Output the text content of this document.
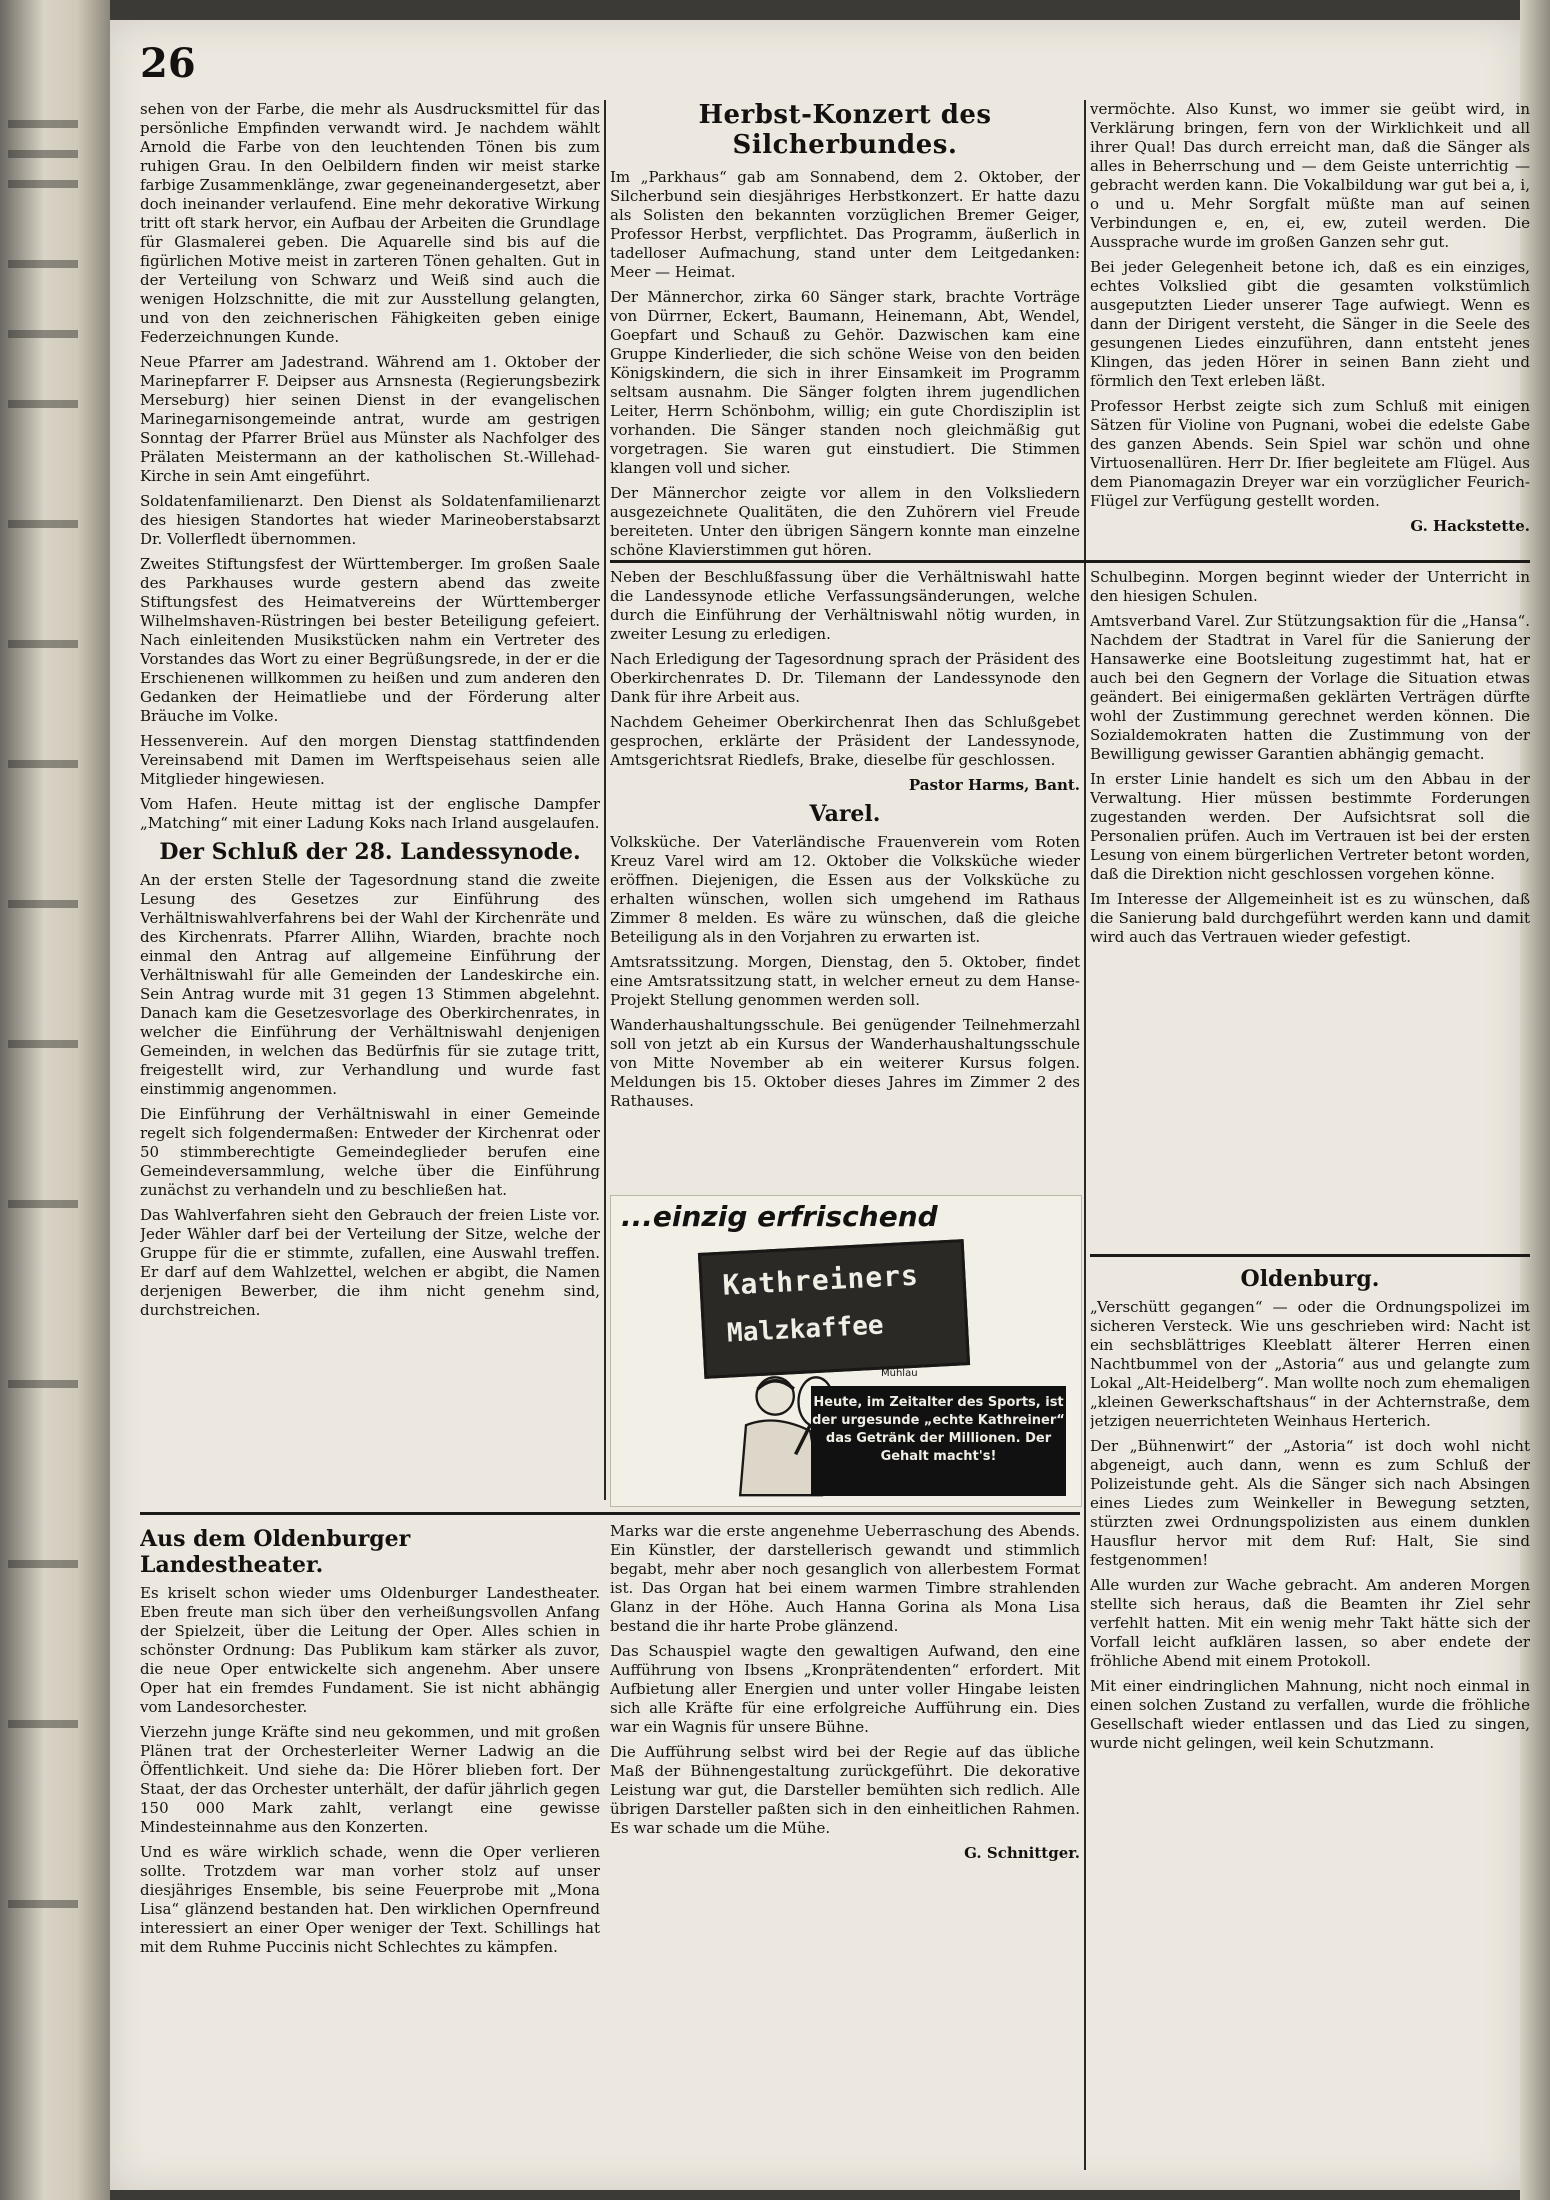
26

sehen von der Farbe, die mehr als Ausdrucksmittel für das persönliche Empfinden verwandt wird. Je nachdem wählt Arnold die Farbe von den leuchtenden Tönen bis zum ruhigen Grau. In den Oelbildern finden wir meist starke farbige Zusammenklänge, zwar gegeneinandergesetzt, aber doch ineinander verlaufend. Eine mehr dekorative Wirkung tritt oft stark hervor, ein Aufbau der Arbeiten die Grundlage für Glasmalerei geben. Die Aquarelle sind bis auf die figürlichen Motive meist in zarteren Tönen gehalten. Gut in der Verteilung von Schwarz und Weiß sind auch die wenigen Holzschnitte, die mit zur Ausstellung gelangten, und von den zeichnerischen Fähigkeiten geben einige Federzeichnungen Kunde.

Neue Pfarrer am Jadestrand. Während am 1. Oktober der Marinepfarrer F. Deipser aus Arnsnesta (Regierungsbezirk Merseburg) hier seinen Dienst in der evangelischen Marinegarnisongemeinde antrat, wurde am gestrigen Sonntag der Pfarrer Brüel aus Münster als Nachfolger des Prälaten Meistermann an der katholischen St.-Willehad-Kirche in sein Amt eingeführt.

Soldatenfamilienarzt. Den Dienst als Soldatenfamilienarzt des hiesigen Standortes hat wieder Marineoberstabsarzt Dr. Vollerfledt übernommen.

Zweites Stiftungsfest der Württemberger. Im großen Saale des Parkhauses wurde gestern abend das zweite Stiftungsfest des Heimatvereins der Württemberger Wilhelmshaven-Rüstringen bei bester Beteiligung gefeiert. Nach einleitenden Musikstücken nahm ein Vertreter des Vorstandes das Wort zu einer Begrüßungsrede, in der er die Erschienenen willkommen zu heißen und zum anderen den Gedanken der Heimatliebe und der Förderung alter Bräuche im Volke.

Hessenverein. Auf den morgen Dienstag stattfindenden Vereinsabend mit Damen im Werftspeisehaus seien alle Mitglieder hingewiesen.

Vom Hafen. Heute mittag ist der englische Dampfer „Matching“ mit einer Ladung Koks nach Irland ausgelaufen.

Der Schluß der 28. Landessynode.

An der ersten Stelle der Tagesordnung stand die zweite Lesung des Gesetzes zur Einführung des Verhältniswahlverfahrens bei der Wahl der Kirchenräte und des Kirchenrats. Pfarrer Allihn, Wiarden, brachte noch einmal den Antrag auf allgemeine Einführung der Verhältniswahl für alle Gemeinden der Landeskirche ein. Sein Antrag wurde mit 31 gegen 13 Stimmen abgelehnt. Danach kam die Gesetzesvorlage des Oberkirchenrates, in welcher die Einführung der Verhältniswahl denjenigen Gemeinden, in welchen das Bedürfnis für sie zutage tritt, freigestellt wird, zur Verhandlung und wurde fast einstimmig angenommen.

Die Einführung der Verhältniswahl in einer Gemeinde regelt sich folgendermaßen: Entweder der Kirchenrat oder 50 stimmberechtigte Gemeindeglieder berufen eine Gemeindeversammlung, welche über die Einführung zunächst zu verhandeln und zu beschließen hat.

Das Wahlverfahren sieht den Gebrauch der freien Liste vor. Jeder Wähler darf bei der Verteilung der Sitze, welche der Gruppe für die er stimmte, zufallen, eine Auswahl treffen. Er darf auf dem Wahlzettel, welchen er abgibt, die Namen derjenigen Bewerber, die ihm nicht genehm sind, durchstreichen.

Herbst-Konzert des Silcherbundes.

Im „Parkhaus“ gab am Sonnabend, dem 2. Oktober, der Silcherbund sein diesjähriges Herbstkonzert. Er hatte dazu als Solisten den bekannten vorzüglichen Bremer Geiger, Professor Herbst, verpflichtet. Das Programm, äußerlich in tadelloser Aufmachung, stand unter dem Leitgedanken: Meer — Heimat.

Der Männerchor, zirka 60 Sänger stark, brachte Vorträge von Dürrner, Eckert, Baumann, Heinemann, Abt, Wendel, Goepfart und Schauß zu Gehör. Dazwischen kam eine Gruppe Kinderlieder, die sich schöne Weise von den beiden Königskindern, die sich in ihrer Einsamkeit im Programm seltsam ausnahm. Die Sänger folgten ihrem jugendlichen Leiter, Herrn Schönbohm, willig; ein gute Chordisziplin ist vorhanden. Die Sänger standen noch gleichmäßig gut vorgetragen. Sie waren gut einstudiert. Die Stimmen klangen voll und sicher.

Der Männerchor zeigte vor allem in den Volksliedern ausgezeichnete Qualitäten, die den Zuhörern viel Freude bereiteten. Unter den übrigen Sängern konnte man einzelne schöne Klavierstimmen gut hören.

vermöchte. Also Kunst, wo immer sie geübt wird, in Verklärung bringen, fern von der Wirklichkeit und all ihrer Qual! Das durch erreicht man, daß die Sänger als alles in Beherrschung und — dem Geiste unterrichtig — gebracht werden kann. Die Vokalbildung war gut bei a, i, o und u. Mehr Sorgfalt müßte man auf seinen Verbindungen e, en, ei, ew, zuteil werden. Die Aussprache wurde im großen Ganzen sehr gut.

Bei jeder Gelegenheit betone ich, daß es ein einziges, echtes Volkslied gibt die gesamten volkstümlich ausgeputzten Lieder unserer Tage aufwiegt. Wenn es dann der Dirigent versteht, die Sänger in die Seele des gesungenen Liedes einzuführen, dann entsteht jenes Klingen, das jeden Hörer in seinen Bann zieht und förmlich den Text erleben läßt.

Professor Herbst zeigte sich zum Schluß mit einigen Sätzen für Violine von Pugnani, wobei die edelste Gabe des ganzen Abends. Sein Spiel war schön und ohne Virtuosenallüren. Herr Dr. Ifier begleitete am Flügel. Aus dem Pianomagazin Dreyer war ein vorzüglicher Feurich-Flügel zur Verfügung gestellt worden.

G. Hackstette.

Neben der Beschlußfassung über die Verhältniswahl hatte die Landessynode etliche Verfassungsänderungen, welche durch die Einführung der Verhältniswahl nötig wurden, in zweiter Lesung zu erledigen.

Nach Erledigung der Tagesordnung sprach der Präsident des Oberkirchenrates D. Dr. Tilemann der Landessynode den Dank für ihre Arbeit aus.

Nachdem Geheimer Oberkirchenrat Ihen das Schlußgebet gesprochen, erklärte der Präsident der Landessynode, Amtsgerichtsrat Riedlefs, Brake, dieselbe für geschlossen.

Pastor Harms, Bant.

Varel.

Volksküche. Der Vaterländische Frauenverein vom Roten Kreuz Varel wird am 12. Oktober die Volksküche wieder eröffnen. Diejenigen, die Essen aus der Volksküche zu erhalten wünschen, wollen sich umgehend im Rathaus Zimmer 8 melden. Es wäre zu wünschen, daß die gleiche Beteiligung als in den Vorjahren zu erwarten ist.

Amtsratssitzung. Morgen, Dienstag, den 5. Oktober, findet eine Amtsratssitzung statt, in welcher erneut zu dem Hanse-Projekt Stellung genommen werden soll.

Wanderhaushaltungsschule. Bei genügender Teilnehmerzahl soll von jetzt ab ein Kursus der Wanderhaushaltungsschule von Mitte November ab ein weiterer Kursus folgen. Meldungen bis 15. Oktober dieses Jahres im Zimmer 2 des Rathauses.

Schulbeginn. Morgen beginnt wieder der Unterricht in den hiesigen Schulen.

Amtsverband Varel. Zur Stützungsaktion für die „Hansa“. Nachdem der Stadtrat in Varel für die Sanierung der Hansawerke eine Bootsleitung zugestimmt hat, hat er auch bei den Gegnern der Vorlage die Situation etwas geändert. Bei einigermaßen geklärten Verträgen dürfte wohl der Zustimmung gerechnet werden können. Die Sozialdemokraten hatten die Zustimmung von der Bewilligung gewisser Garantien abhängig gemacht.

In erster Linie handelt es sich um den Abbau in der Verwaltung. Hier müssen bestimmte Forderungen zugestanden werden. Der Aufsichtsrat soll die Personalien prüfen. Auch im Vertrauen ist bei der ersten Lesung von einem bürgerlichen Vertreter betont worden, daß die Direktion nicht geschlossen vorgehen könne.

Im Interesse der Allgemeinheit ist es zu wünschen, daß die Sanierung bald durchgeführt werden kann und damit wird auch das Vertrauen wieder gefestigt.

...einzig erfrischend
Kathreiners
Malzkaffee
Heute, im Zeitalter des Sports, ist der urgesunde „echte Kathreiner“ das Getränk der Millionen. Der Gehalt macht's!
Mühlau
Oldenburg.

„Verschütt gegangen“ — oder die Ordnungspolizei im sicheren Versteck. Wie uns geschrieben wird: Nacht ist ein sechsblättriges Kleeblatt älterer Herren einen Nachtbummel von der „Astoria“ aus und gelangte zum Lokal „Alt-Heidelberg“. Man wollte noch zum ehemaligen „kleinen Gewerkschaftshaus“ in der Achternstraße, dem jetzigen neuerrichteten Weinhaus Herterich.

Der „Bühnenwirt“ der „Astoria“ ist doch wohl nicht abgeneigt, auch dann, wenn es zum Schluß der Polizeistunde geht. Als die Sänger sich nach Absingen eines Liedes zum Weinkeller in Bewegung setzten, stürzten zwei Ordnungspolizisten aus einem dunklen Hausflur hervor mit dem Ruf: Halt, Sie sind festgenommen!

Alle wurden zur Wache gebracht. Am anderen Morgen stellte sich heraus, daß die Beamten ihr Ziel sehr verfehlt hatten. Mit ein wenig mehr Takt hätte sich der Vorfall leicht aufklären lassen, so aber endete der fröhliche Abend mit einem Protokoll.

Mit einer eindringlichen Mahnung, nicht noch einmal in einen solchen Zustand zu verfallen, wurde die fröhliche Gesellschaft wieder entlassen und das Lied zu singen, wurde nicht gelingen, weil kein Schutzmann.

Aus dem Oldenburger Landestheater.

Es kriselt schon wieder ums Oldenburger Landestheater. Eben freute man sich über den verheißungsvollen Anfang der Spielzeit, über die Leitung der Oper. Alles schien in schönster Ordnung: Das Publikum kam stärker als zuvor, die neue Oper entwickelte sich angenehm. Aber unsere Oper hat ein fremdes Fundament. Sie ist nicht abhängig vom Landesorchester.

Vierzehn junge Kräfte sind neu gekommen, und mit großen Plänen trat der Orchesterleiter Werner Ladwig an die Öffentlichkeit. Und siehe da: Die Hörer blieben fort. Der Staat, der das Orchester unterhält, der dafür jährlich gegen 150 000 Mark zahlt, verlangt eine gewisse Mindesteinnahme aus den Konzerten.

Und es wäre wirklich schade, wenn die Oper verlieren sollte. Trotzdem war man vorher stolz auf unser diesjähriges Ensemble, bis seine Feuerprobe mit „Mona Lisa“ glänzend bestanden hat. Den wirklichen Opernfreund interessiert an einer Oper weniger der Text. Schillings hat mit dem Ruhme Puccinis nicht Schlechtes zu kämpfen.

Marks war die erste angenehme Ueberraschung des Abends. Ein Künstler, der darstellerisch gewandt und stimmlich begabt, mehr aber noch gesanglich von allerbestem Format ist. Das Organ hat bei einem warmen Timbre strahlenden Glanz in der Höhe. Auch Hanna Gorina als Mona Lisa bestand die ihr harte Probe glänzend.

Das Schauspiel wagte den gewaltigen Aufwand, den eine Aufführung von Ibsens „Kronprätendenten“ erfordert. Mit Aufbietung aller Energien und unter voller Hingabe leisten sich alle Kräfte für eine erfolgreiche Aufführung ein. Dies war ein Wagnis für unsere Bühne.

Die Aufführung selbst wird bei der Regie auf das übliche Maß der Bühnengestaltung zurückgeführt. Die dekorative Leistung war gut, die Darsteller bemühten sich redlich. Alle übrigen Darsteller paßten sich in den einheitlichen Rahmen. Es war schade um die Mühe.

G. Schnittger.
